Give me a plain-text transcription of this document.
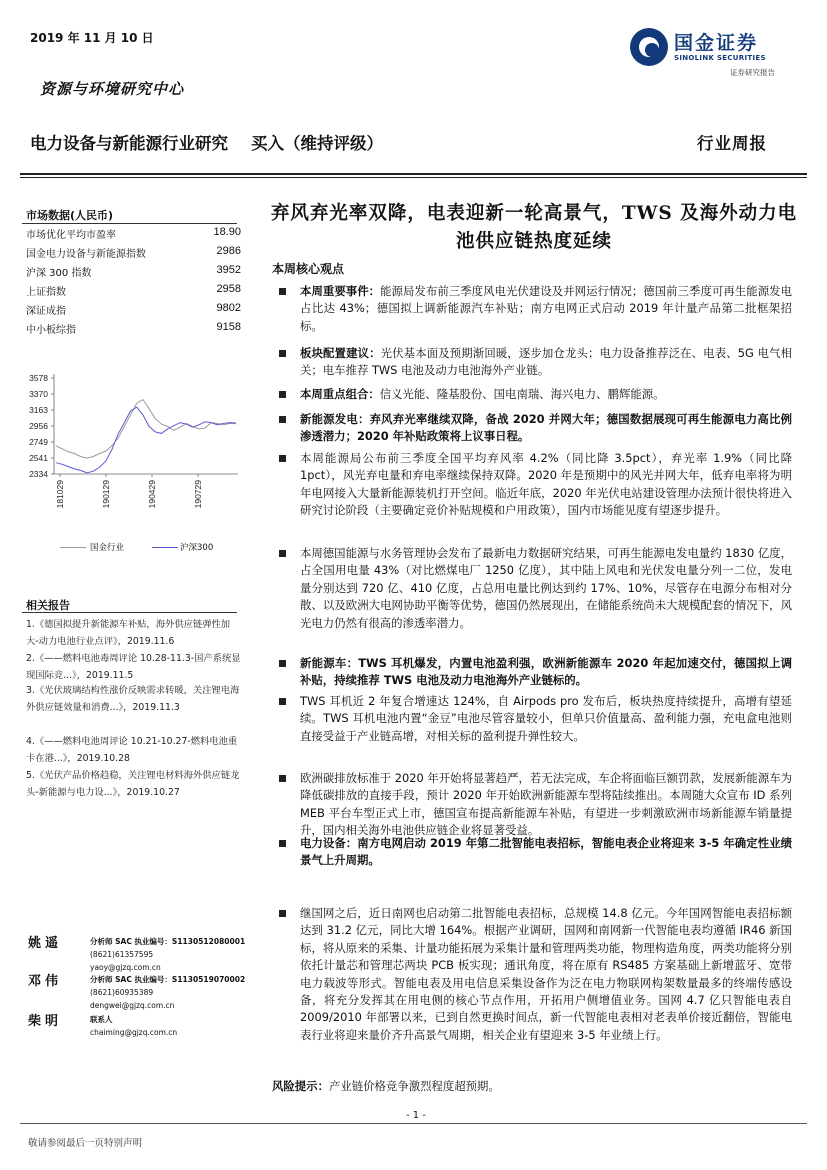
2019 年 11 月 10 日
资源与环境研究中心
国金证券
SINOLINK SECURITIES
证券研究报告
电力设备与新能源行业研究    买入（维持评级）	行业周报
市场数据(人民币)
市场优化平均市盈率	18.90
国金电力设备与新能源指数	2986
沪深 300 指数	3952
上证指数	2958
深证成指	9802
中小板综指	9158
3578
3370
3163
2956
2749
2541
2334
181029	190129	190429	190729
国金行业	沪深300
相关报告
1.《德国拟提升新能源车补贴，海外供应链弹性加大-动力电池行业点评》，2019.11.6
2.《——燃料电池毒周评论 10.28-11.3-国产系统显现国际竞...》，2019.11.5
3.《光伏玻璃结构性涨价反映需求转暖，关注锂电海外供应链效量和消费...》，2019.11.3
4.《——燃料电池周评论 10.21-10.27-燃料电池重卡在港...》，2019.10.28
5.《光伏产品价格趋稳，关注锂电材料海外供应链龙头-新能源与电力设...》，2019.10.27
姚遥	分析师 SAC 执业编号：S1130512080001
(8621)61357595
yaoy@gjzq.com.cn
邓伟	分析师 SAC 执业编号：S1130519070002
(8621)60935389
dengwei@gjzq.com.cn
柴明	联系人
chaiming@gjzq.com.cn
弃风弃光率双降，电表迎新一轮高景气，TWS 及海外动力电池供应链热度延续
本周核心观点
本周重要事件：能源局发布前三季度风电光伏建设及并网运行情况；德国前三季度可再生能源发电占比达 43%；德国拟上调新能源汽车补贴；南方电网正式启动 2019 年计量产品第二批框架招标。
板块配置建议：光伏基本面及预期渐回暖，逐步加仓龙头；电力设备推荐泛在、电表、5G 电气相关；电车推荐 TWS 电池及动力电池海外产业链。
本周重点组合：信义光能、隆基股份、国电南瑞、海兴电力、鹏辉能源。
新能源发电：弃风弃光率继续双降，备战 2020 并网大年；德国数据展现可再生能源电力高比例渗透潜力；2020 年补贴政策将上议事日程。
本周能源局公布前三季度全国平均弃风率 4.2%（同比降 3.5pct），弃光率 1.9%（同比降 1pct），风光弃电量和弃电率继续保持双降。2020 年是预期中的风光并网大年，低弃电率将为明年电网接入大量新能源装机打开空间。临近年底，2020 年光伏电站建设管理办法预计很快将进入研究讨论阶段（主要确定竞价补贴规模和户用政策），国内市场能见度有望逐步提升。
本周德国能源与水务管理协会发布了最新电力数据研究结果，可再生能源电发电量约 1830 亿度，占全国用电量 43%（对比燃煤电厂 1250 亿度），其中陆上风电和光伏发电量分列一二位，发电量分别达到 720 亿、410 亿度，占总用电量比例达到约 17%、10%，尽管存在电源分布相对分散、以及欧洲大电网协助平衡等优势，德国仍然展现出，在储能系统尚未大规模配套的情况下，风光电力仍然有很高的渗透率潜力。
新能源车：TWS 耳机爆发，内置电池盈利强，欧洲新能源车 2020 年起加速交付，德国拟上调补贴，持续推荐 TWS 电池及动力电池海外产业链标的。
TWS 耳机近 2 年复合增速达 124%，自 Airpods pro 发布后，板块热度持续提升，高增有望延续。TWS 耳机电池内置“金豆”电池尽管容量较小，但单只价值量高、盈利能力强，充电盒电池则直接受益于产业链高增，对相关标的盈利提升弹性较大。
欧洲碳排放标准于 2020 年开始将显著趋严，若无法完成，车企将面临巨额罚款，发展新能源车为降低碳排放的直接手段，预计 2020 年开始欧洲新能源车型将陆续推出。本周随大众宣布 ID 系列 MEB 平台车型正式上市，德国宣布提高新能源车补贴，有望进一步刺激欧洲市场新能源车销量提升，国内相关海外电池供应链企业将显著受益。
电力设备：南方电网启动 2019 年第二批智能电表招标，智能电表企业将迎来 3-5 年确定性业绩景气上升周期。
继国网之后，近日南网也启动第二批智能电表招标，总规模 14.8 亿元。今年国网智能电表招标额达到 31.2 亿元，同比大增 164%。根据产业调研，国网和南网新一代智能电表均遵循 IR46 新国标，将从原来的采集、计量功能拓展为采集计量和管理两类功能，物理构造角度，两类功能将分别依托计量芯和管理芯两块 PCB 板实现；通讯角度，将在原有 RS485 方案基础上新增蓝牙、宽带电力载波等形式。智能电表及用电信息采集设备作为泛在电力物联网构架数量最多的终端传感设备，将充分发挥其在用电侧的核心节点作用，开拓用户侧增值业务。国网 4.7 亿只智能电表自 2009/2010 年部署以来，已到自然更换时间点，新一代智能电表相对老表单价接近翻倍，智能电表行业将迎来量价齐升高景气周期，相关企业有望迎来 3-5 年业绩上行。
风险提示：产业链价格竞争激烈程度超预期。
- 1 -
敬请参阅最后一页特别声明
